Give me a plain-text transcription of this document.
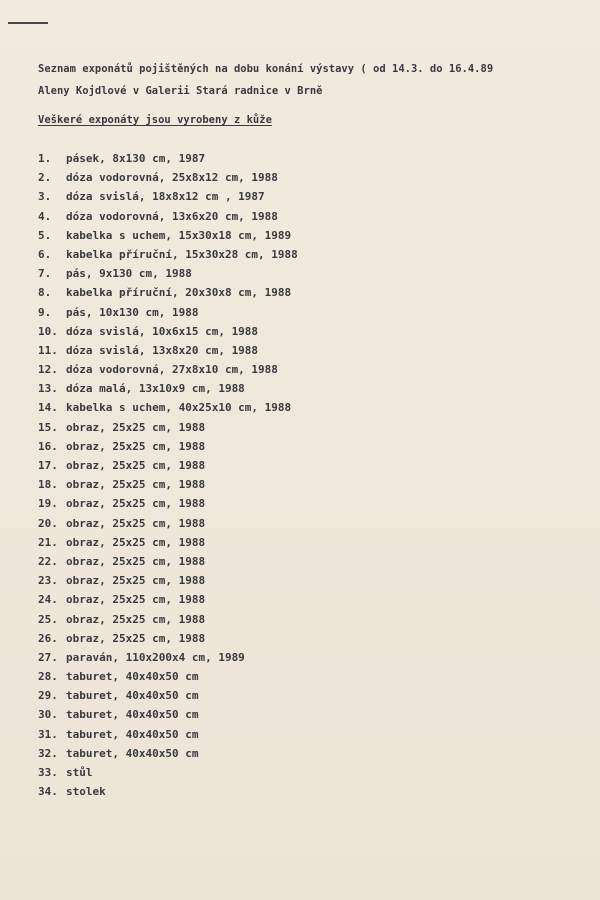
Seznam exponátů pojištěných na dobu konání výstavy ( od 14.3. do 16.4.89
Aleny Kojdlové v Galerii Stará radnice v Brně
Veškeré exponáty jsou vyrobeny z kůže
1.	pásek, 8x130 cm, 1987
2.	dóza vodorovná, 25x8x12 cm, 1988
3.	dóza svislá, 18x8x12 cm , 1987
4.	dóza vodorovná, 13x6x20 cm, 1988
5.	kabelka s uchem, 15x30x18 cm, 1989
6.	kabelka příruční, 15x30x28 cm, 1988
7.	pás, 9x130 cm, 1988
8.	kabelka příruční, 20x30x8 cm, 1988
9.	pás, 10x130 cm, 1988
10. dóza svislá, 10x6x15 cm, 1988
11. dóza svislá, 13x8x20 cm, 1988
12. dóza vodorovná, 27x8x10 cm, 1988
13. dóza malá, 13x10x9 cm, 1988
14. kabelka s uchem, 40x25x10 cm, 1988
15. obraz, 25x25 cm, 1988
16. obraz, 25x25 cm, 1988
17. obraz, 25x25 cm, 1988
18. obraz, 25x25 cm, 1988
19. obraz, 25x25 cm, 1988
20. obraz, 25x25 cm, 1988
21. obraz, 25x25 cm, 1988
22. obraz, 25x25 cm, 1988
23. obraz, 25x25 cm, 1988
24. obraz, 25x25 cm, 1988
25. obraz, 25x25 cm, 1988
26. obraz, 25x25 cm, 1988
27. paraván, 110x200x4 cm, 1989
28. taburet, 40x40x50 cm
29. taburet, 40x40x50 cm
30. taburet, 40x40x50 cm
31. taburet, 40x40x50 cm
32. taburet, 40x40x50 cm
33. stůl
34. stolek
